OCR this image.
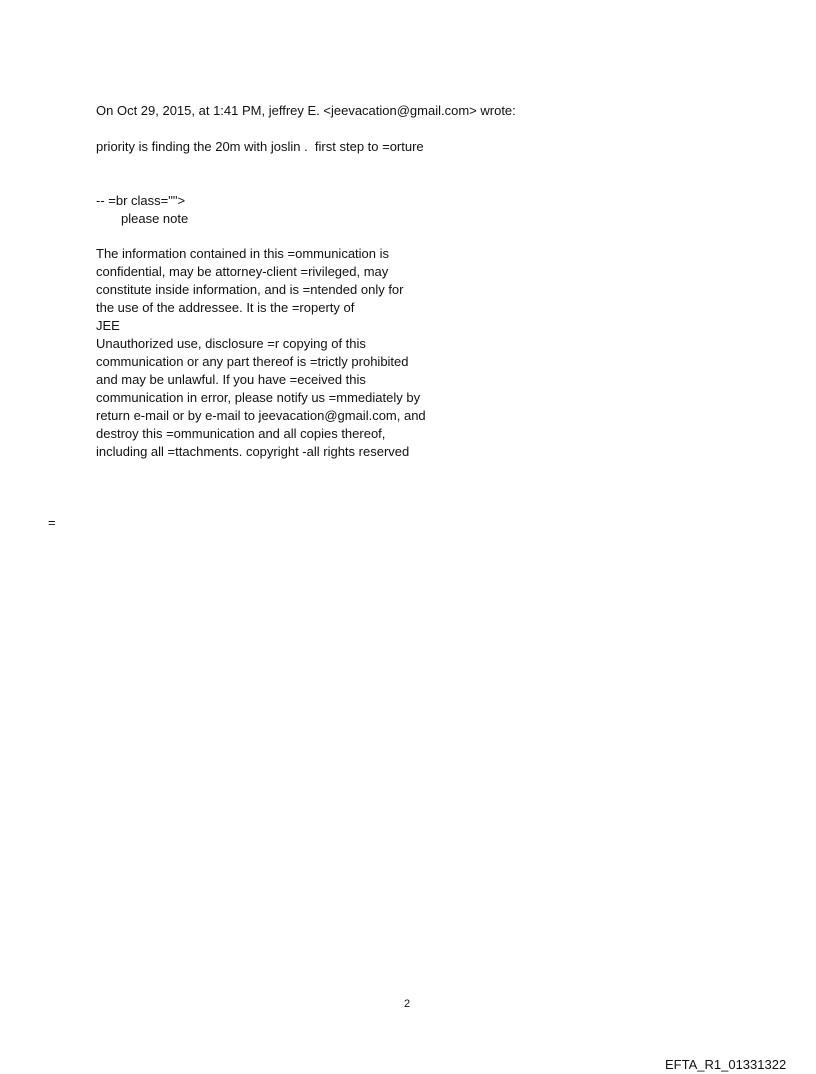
On Oct 29, 2015, at 1:41 PM, jeffrey E. <jeevacation@gmail.com> wrote:
priority is finding the 20m with joslin .  first step to =orture
-- =br class="">
please note
The information contained in this =ommunication is
confidential, may be attorney-client =rivileged, may
constitute inside information, and is =ntended only for
the use of the addressee. It is the =roperty of
JEE
Unauthorized use, disclosure =r copying of this
communication or any part thereof is =trictly prohibited
and may be unlawful. If you have =eceived this
communication in error, please notify us =mmediately by
return e-mail or by e-mail to jeevacation@gmail.com, and
destroy this =ommunication and all copies thereof,
including all =ttachments. copyright -all rights reserved
=
2
EFTA_R1_01331322
